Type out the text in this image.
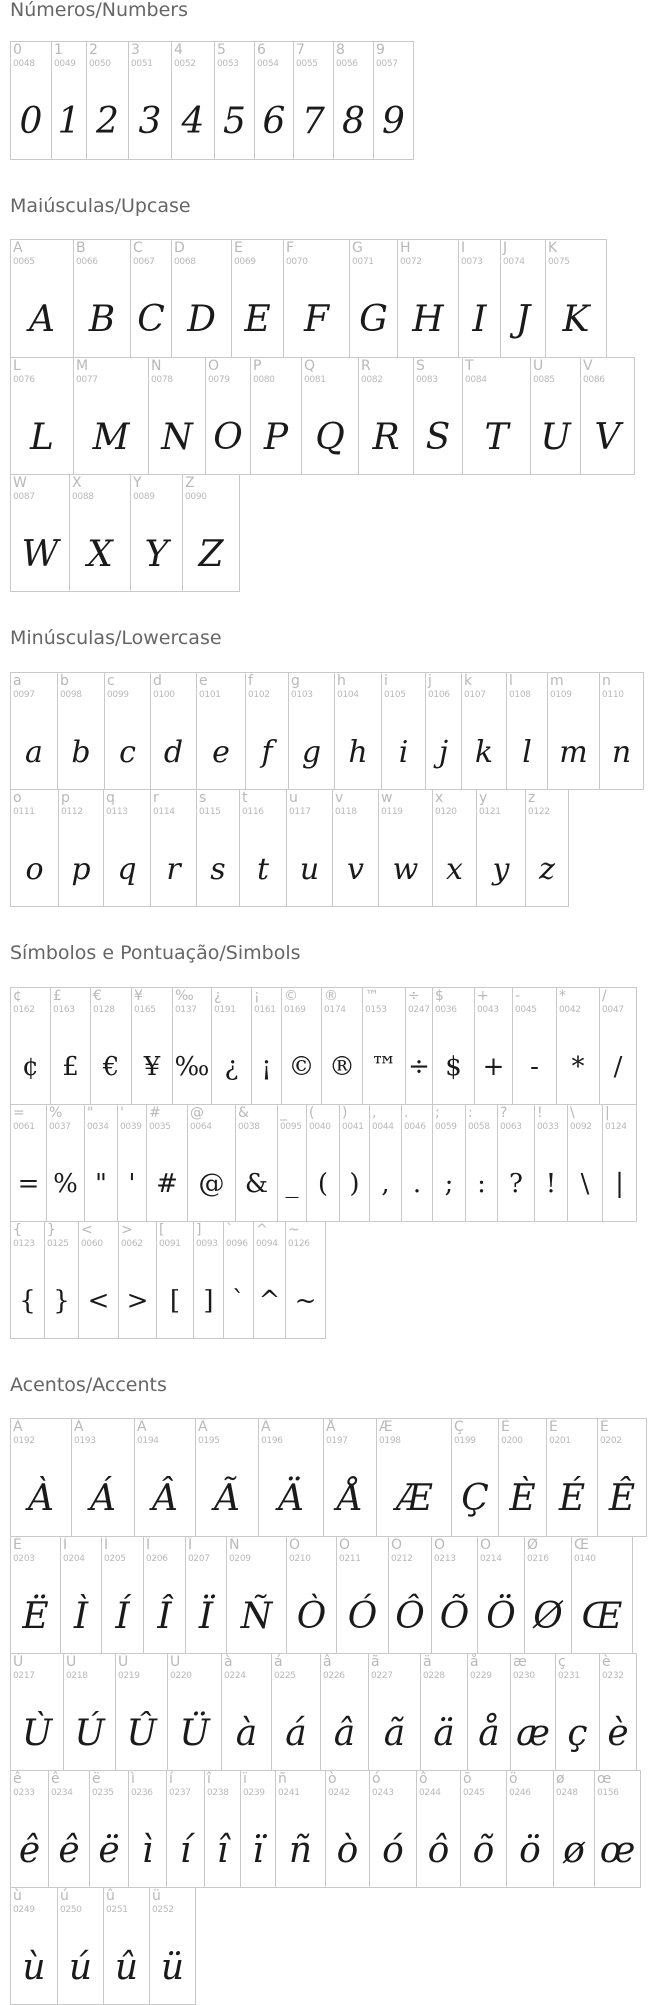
Números/Numbers
0
0048
0
1
0049
1
2
0050
2
3
0051
3
4
0052
4
5
0053
5
6
0054
6
7
0055
7
8
0056
8
9
0057
9
Maiúsculas/Upcase
A
0065
A
B
0066
B
C
0067
C
D
0068
D
E
0069
E
F
0070
F
G
0071
G
H
0072
H
I
0073
I
J
0074
J
K
0075
K
L
0076
L
M
0077
M
N
0078
N
O
0079
O
P
0080
P
Q
0081
Q
R
0082
R
S
0083
S
T
0084
T
U
0085
U
V
0086
V
W
0087
W
X
0088
X
Y
0089
Y
Z
0090
Z
Minúsculas/Lowercase
a
0097
a
b
0098
b
c
0099
c
d
0100
d
e
0101
e
f
0102
f
g
0103
g
h
0104
h
i
0105
i
j
0106
j
k
0107
k
l
0108
l
m
0109
m
n
0110
n
o
0111
o
p
0112
p
q
0113
q
r
0114
r
s
0115
s
t
0116
t
u
0117
u
v
0118
v
w
0119
w
x
0120
x
y
0121
y
z
0122
z
Símbolos e Pontuação/Simbols
¢
0162
¢
£
0163
£
€
0128
€
¥
0165
¥
‰
0137
‰
¿
0191
¿
¡
0161
¡
©
0169
©
®
0174
®
™
0153
™
÷
0247
÷
$
0036
$
+
0043
+
-
0045
-
*
0042
*
/
0047
/
=
0061
=
%
0037
%
"
0034
"
'
0039
'
#
0035
#
@
0064
@
&
0038
&
_
0095
_
(
0040
(
)
0041
)
,
0044
,
.
0046
.
;
0059
;
:
0058
:
?
0063
?
!
0033
!
\
0092
\
|
0124
|
{
0123
{
}
0125
}
<
0060
<
>
0062
>
[
0091
[
]
0093
]
`
0096
`
^
0094
^
~
0126
~
Acentos/Accents
À
0192
À
Á
0193
Á
Â
0194
Â
Ã
0195
Ã
Ä
0196
Ä
Å
0197
Å
Æ
0198
Æ
Ç
0199
Ç
È
0200
È
É
0201
É
Ê
0202
Ê
Ë
0203
Ë
Ì
0204
Ì
Í
0205
Í
Î
0206
Î
Ï
0207
Ï
Ñ
0209
Ñ
Ò
0210
Ò
Ó
0211
Ó
Ô
0212
Ô
Õ
0213
Õ
Ö
0214
Ö
Ø
0216
Ø
Œ
0140
Œ
Ù
0217
Ù
Ú
0218
Ú
Û
0219
Û
Ü
0220
Ü
à
0224
à
á
0225
á
â
0226
â
ã
0227
ã
ä
0228
ä
å
0229
å
æ
0230
æ
ç
0231
ç
è
0232
è
ê
0233
ê
ê
0234
ê
ë
0235
ë
ì
0236
ì
í
0237
í
î
0238
î
ï
0239
ï
ñ
0241
ñ
ò
0242
ò
ó
0243
ó
ô
0244
ô
õ
0245
õ
ö
0246
ö
ø
0248
ø
œ
0156
œ
ù
0249
ù
ú
0250
ú
û
0251
û
ü
0252
ü
